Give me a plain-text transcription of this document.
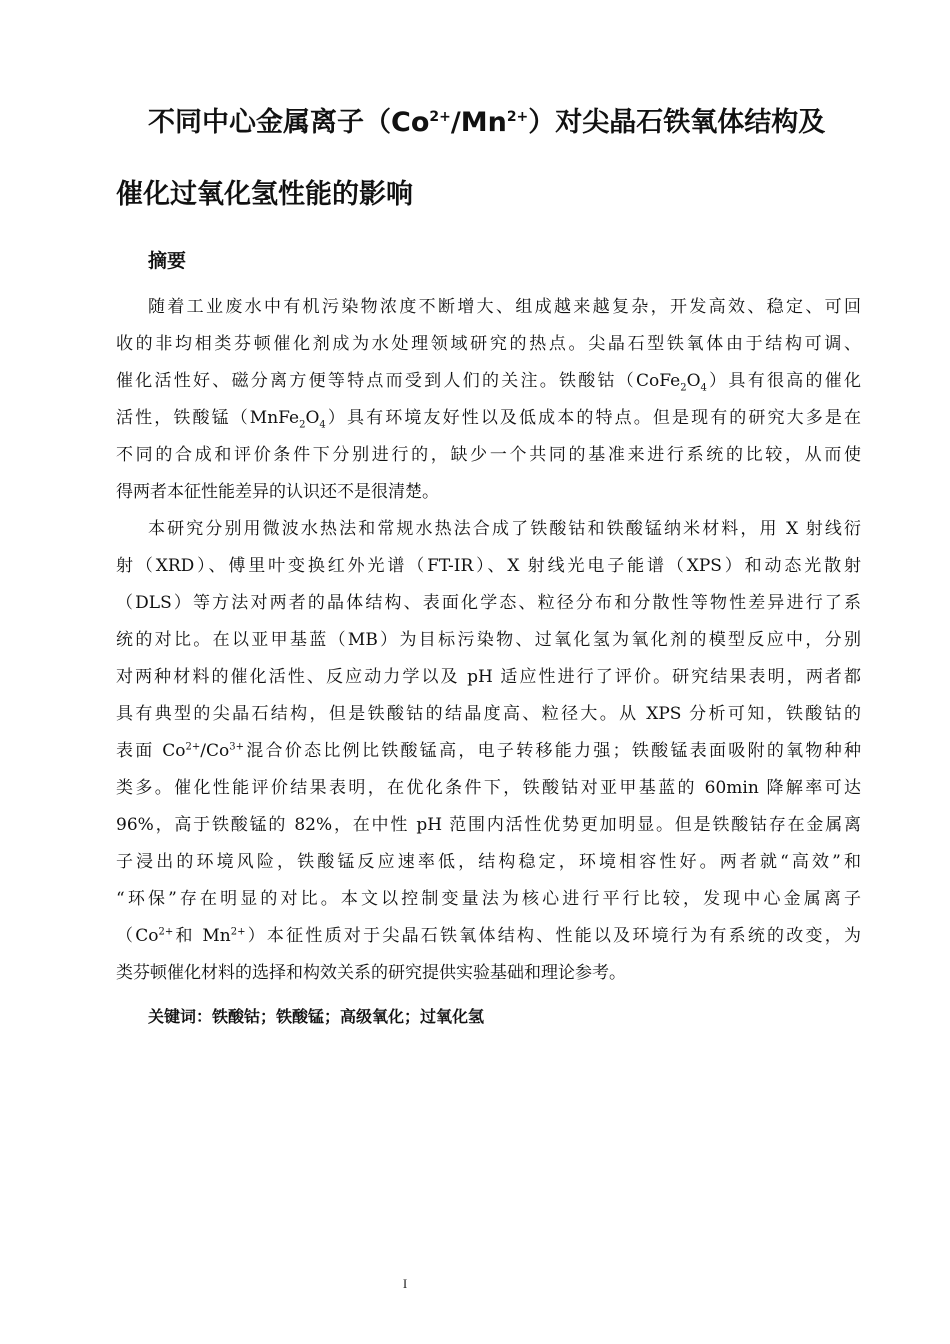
不同中心金属离子$(Co^{2+}/Mn^{2+})$对尖晶石铁氧体结构及
催化过氧化氢性能的影响
摘要
随着工业废水中有机污染物浓度不断增大、组成越来越复杂，开发高效、稳定、可回
收的非均相类芬顿催化剂成为水处理领域研究的热点。尖晶石型铁氧体由于结构可调、
催化活性好、磁分离方便等特点而受到人们的关注。铁酸钴$(CoFe_2O_4)$具有很高的催化
活性，铁酸锰$(MnFe_2O_4)$具有环境友好性以及低成本的特点。但是现有的研究大多是在
不同的合成和评价条件下分别进行的，缺少一个共同的基准来进行系统的比较，从而使
得两者本征性能差异的认识还不是很清楚。
本研究分别用微波水热法和常规水热法合成了铁酸钴和铁酸锰纳米材料，用 X 射线衍
射（XRD）、傅里叶变换红外光谱（FT-IR）、X 射线光电子能谱（XPS）和动态光散射
（DLS）等方法对两者的晶体结构、表面化学态、粒径分布和分散性等物性差异进行了系
统的对比。在以亚甲基蓝（MB）为目标污染物、过氧化氢为氧化剂的模型反应中，分别
对两种材料的催化活性、反应动力学以及 pH 适应性进行了评价。研究结果表明，两者都
具有典型的尖晶石结构，但是铁酸钴的结晶度高、粒径大。从 XPS 分析可知，铁酸钴的
表面 $Co^{2+}/Co^{3+}$混合价态比例比铁酸锰高，电子转移能力强；铁酸锰表面吸附的氧物种种
类多。催化性能评价结果表明，在优化条件下，铁酸钴对亚甲基蓝的 60min 降解率可达
96%，高于铁酸锰的 82%，在中性 pH 范围内活性优势更加明显。但是铁酸钴存在金属离
子浸出的环境风险，铁酸锰反应速率低，结构稳定，环境相容性好。两者就“高效”和
“环保”存在明显的对比。本文以控制变量法为核心进行平行比较，发现中心金属离子
（$Co^{2+}$和 $Mn^{2+}$）本征性质对于尖晶石铁氧体结构、性能以及环境行为有系统的改变，为
类芬顿催化材料的选择和构效关系的研究提供实验基础和理论参考。
关键词：铁酸钴；铁酸锰；高级氧化；过氧化氢
I
